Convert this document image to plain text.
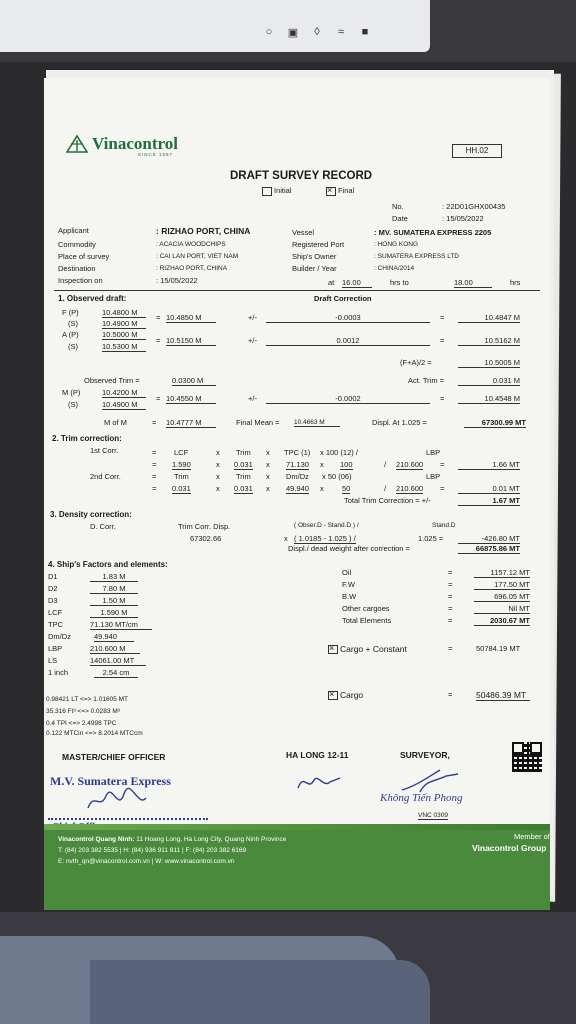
○	▣	◊	≈	■
Vinacontrol
SINCE 1957	HH.02
DRAFT SURVEY RECORD
Initial
×	Final
No.	: 22D01GHX00435
Date	: 15/05/2022
Applicant	: RIZHAO PORT, CHINA
Commodity	: ACACIA WOODCHIPS
Place of survey	: CAI LAN PORT, VIET NAM
Destination	: RIZHAO PORT, CHINA
Inspection on	: 15/05/2022
Vessel	: MV. SUMATERA EXPRESS 2205
Registered Port	: HONG KONG
Ship's Owner	: SUMATERA EXPRESS LTD
Builder / Year	: CHINA/2014
at 16.00	hrs to	18.00	hrs
1. Observed draft:	Draft Correction
F (P)	10.4800 M
(S)	10.4900 M
= 10.4850 M	+/-	-0.0003	=	10.4847 M
A (P)	10.5000 M
(S)	10.5300 M
= 10.5150 M	+/-	0.0012	=	10.5162 M
(F+A)/2 =	10.5005 M
Observed Trim =	0.0300 M	Act. Trim =	0.031 M
M (P)	10.4200 M
(S)	10.4900 M
= 10.4550 M	+/-	-0.0002	=	10.4548 M
M of M	= 10.4777 M	Final Mean = 10.4663 M	Displ. At 1.025 =	67300.99 MT
2. Trim correction:
1st Corr.	= LCF	x Trim x TPC (1) x 100 (12) /	LBP
= 1.590	x 0.031 x 71.130 x 100	/ 210.600 =	1.66 MT
2nd Corr.	= Trim	x Trim x Dm/Dz x 50 (06)	LBP
= 0.031	x 0.031 x 49.940 x 50	/ 210.600 =	0.01 MT
Total Trim Correction = +/-	1.67 MT
3. Density correction:
D. Corr.	Trim Corr. Disp.
67302.66	x
( Obser.D - Stand.D ) /	Stand.D
( 1.0185 - 1.025 ) /	1.025 =	-426.80 MT
Displ./ dead weight after correction =	66875.86 MT
4. Ship's Factors and elements:
D1	1.83 M
D2	7.80 M
D3	1.50 M
LCF	1.590 M
TPC	71.130 MT/cm
Dm/Dz	49.940
LBP	210.600 M
LS	14061.00 MT
1 inch	2.54 cm
Oil	1157.12 MT
F.W	177.50 MT
B.W	696.05 MT
Other cargoes	Nil MT
Total Elements	2030.67 MT
=
=
=
=
=
×Cargo + Constant	=	50784.19 MT
×Cargo	=	50486.39 MT
0.98421 LT <=> 1.01605 MT
35.316 Ft³ <=> 0.0283 M³
0.4 TPI <=> 2.4998 TPC
0.122 MTCin <=> 8.2014 MTCcm
MASTER/CHIEF OFFICER
M.V. Sumatera Express
HA LONG 12-11	SURVEYOR,
Không Tiến Phong
VNC 0309
Vinacontrol Quang Ninh: 11 Hoang Long, Ha Long City, Quang Ninh Province
T: (84) 203 382 5535 | H: (84) 936 911 811 | F: (84) 203 382 6169
E: nvth_qn@vinacontrol.com.vn | W: www.vinacontrol.com.vn
Member of
Vinacontrol Group
